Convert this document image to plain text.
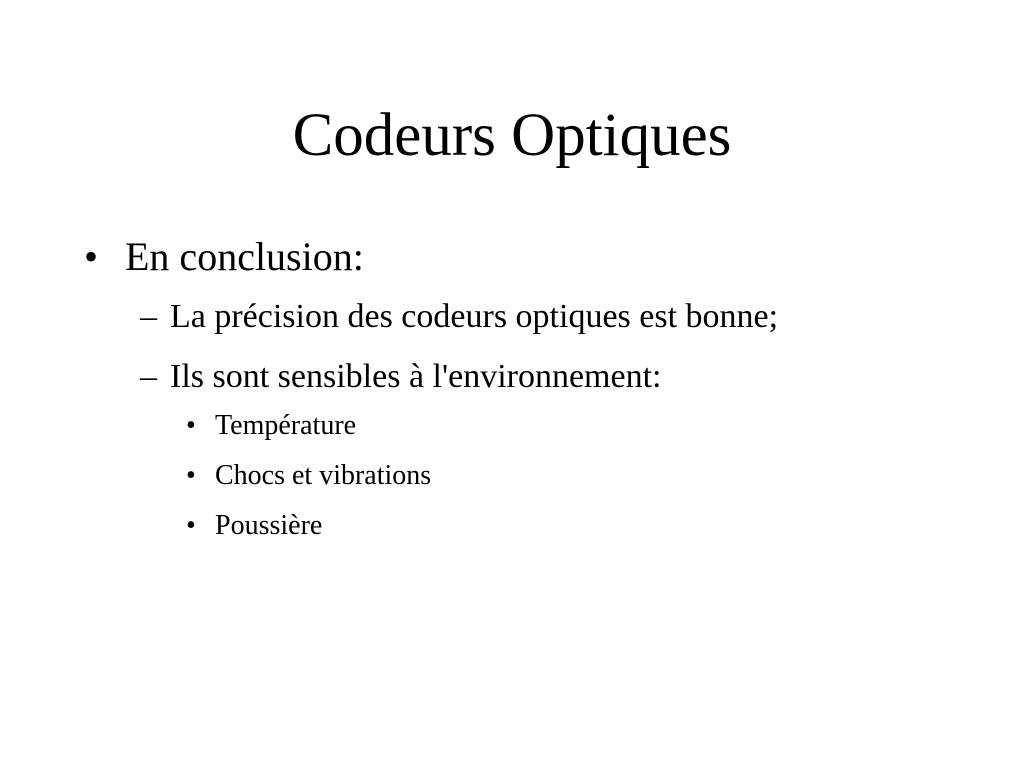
Codeurs Optiques
• En conclusion:
– La précision des codeurs optiques est bonne;
– Ils sont sensibles à l'environnement:
• Température
• Chocs et vibrations
• Poussière
